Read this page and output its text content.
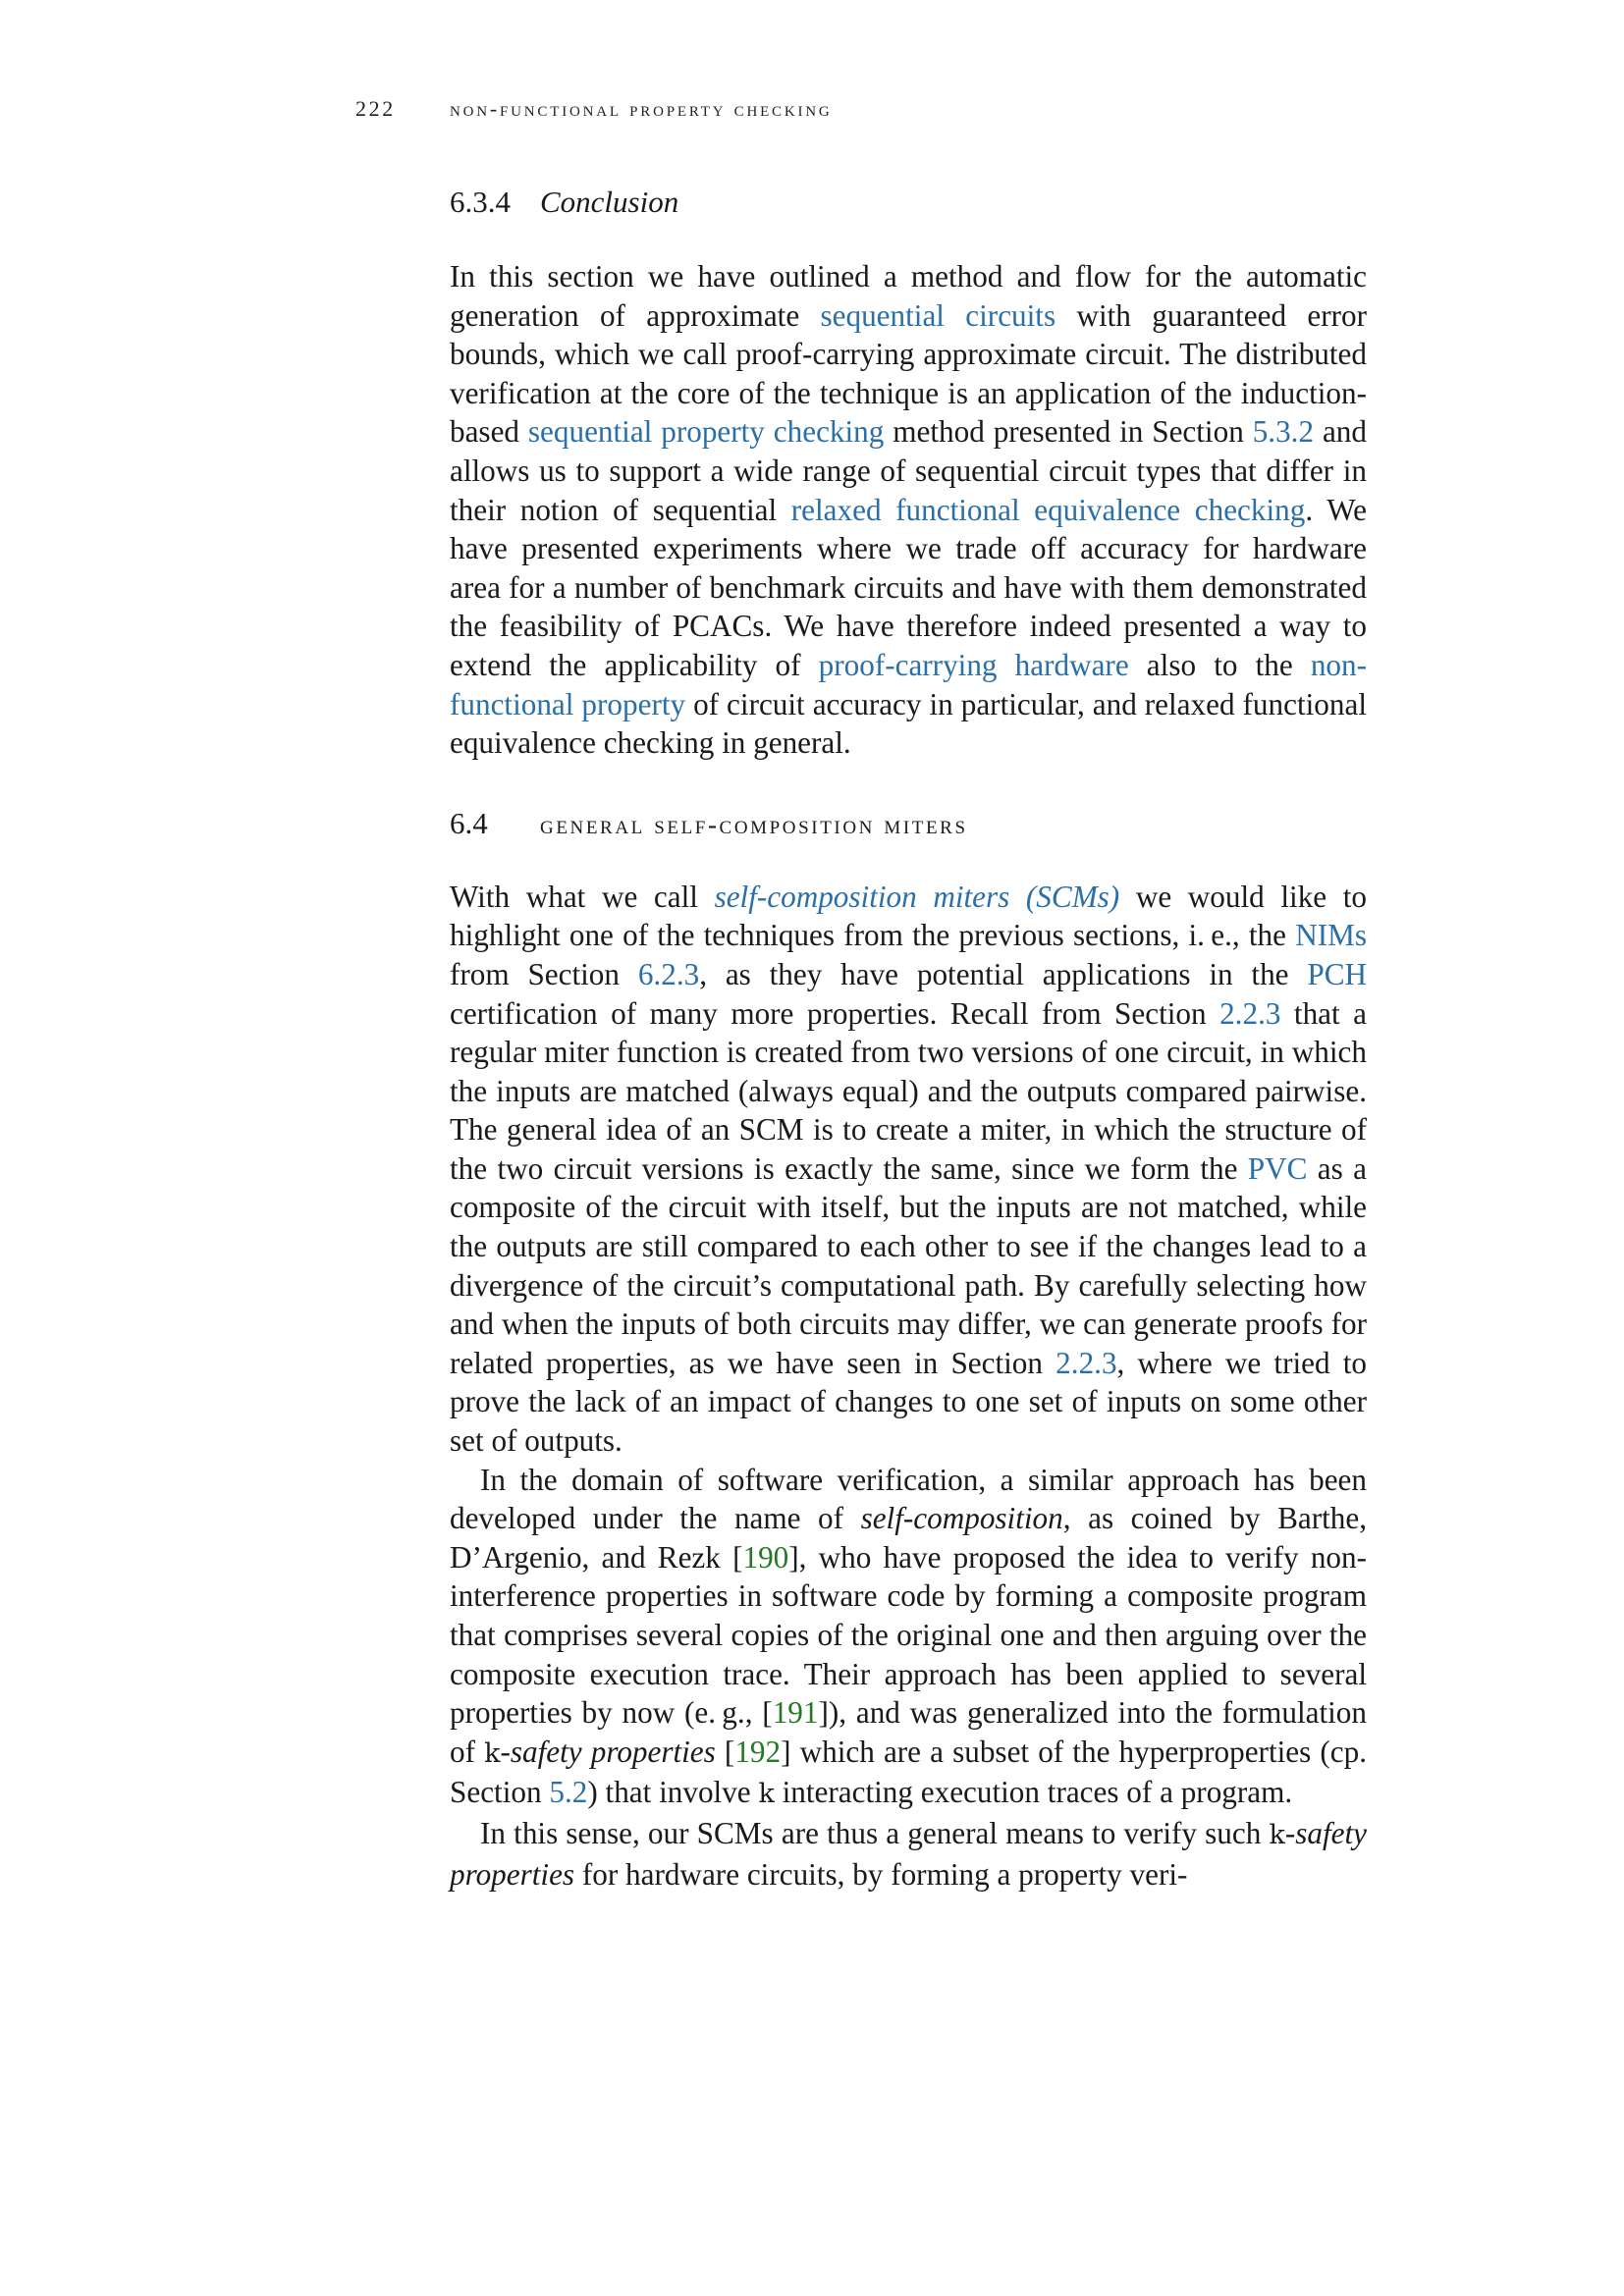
222	non-functional property checking
6.3.4 Conclusion

In this section we have outlined a method and flow for the automatic generation of approximate sequential circuits with guaranteed error bounds, which we call proof-carrying approximate circuit. The distributed verification at the core of the technique is an application of the induction-based sequential property checking method presented in Section 5.3.2 and allows us to support a wide range of sequential circuit types that differ in their notion of sequential relaxed functional equivalence checking. We have presented experiments where we trade off accuracy for hardware area for a number of benchmark circuits and have with them demonstrated the feasibility of PCACs. We have therefore indeed presented a way to extend the applicability of proof-carrying hardware also to the non-functional property of circuit accuracy in particular, and relaxed functional equivalence checking in general.

6.4 general self-composition miters

With what we call self-composition miters (SCMs) we would like to highlight one of the techniques from the previous sections, i. e., the NIMs from Section 6.2.3, as they have potential applications in the PCH certification of many more properties. Recall from Section 2.2.3 that a regular miter function is created from two versions of one circuit, in which the inputs are matched (always equal) and the outputs compared pairwise. The general idea of an SCM is to create a miter, in which the structure of the two circuit versions is exactly the same, since we form the PVC as a composite of the circuit with itself, but the inputs are not matched, while the outputs are still compared to each other to see if the changes lead to a divergence of the circuit’s computational path. By carefully selecting how and when the inputs of both circuits may differ, we can generate proofs for related properties, as we have seen in Section 2.2.3, where we tried to prove the lack of an impact of changes to one set of inputs on some other set of outputs.

In the domain of software verification, a similar approach has been developed under the name of self-composition, as coined by Barthe, D’Argenio, and Rezk [190], who have proposed the idea to verify non-interference properties in software code by forming a composite program that comprises several copies of the original one and then arguing over the composite execution trace. Their approach has been applied to several properties by now (e. g., [191]), and was generalized into the formulation of k-safety properties [192] which are a subset of the hyperproperties (cp. Section 5.2) that involve k interacting execution traces of a program.

In this sense, our SCMs are thus a general means to verify such k-safety properties for hardware circuits, by forming a property veri-
